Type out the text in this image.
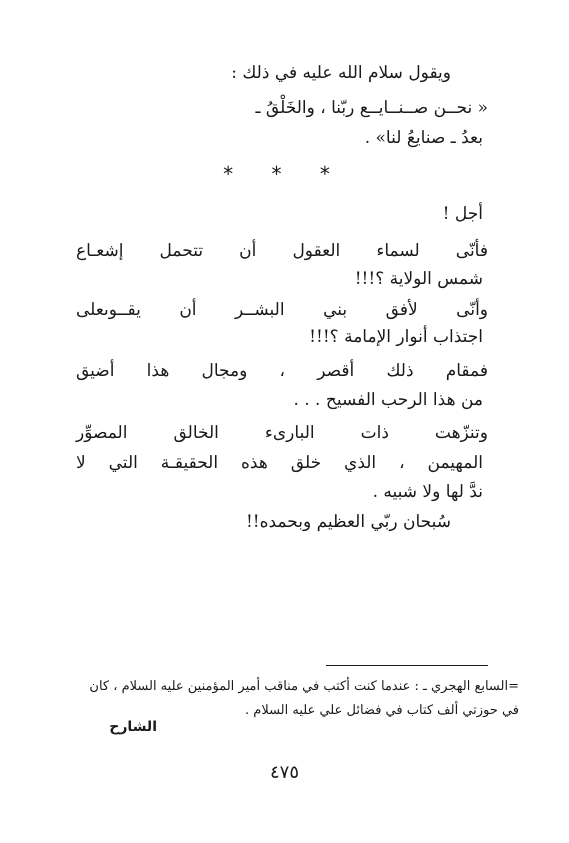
ويقول سلام الله عليه في ذلك :
« نحــن صــنــايــع ربّنا ، والخَلْقُ ـ
بعدُ ـ صنايعُ لنا» .
* * *
أجل !
فأنّى لسماء العقول أن تتحمل إشعـاع
شمس الولاية ؟!!!
وأنّى لأفق بني البشــر أن يقــوىعلى
اجتذاب أنوار الإمامة ؟!!!
فمقام ذلك أقصر ، ومجال هذا أضيق
من هذا الرحب الفسيح . . .
وتنزّهت ذات البارىء الخالق المصوِّر
المهيمن ، الذي خلق هذه الحقيقـة التي لا
ندَّ لها ولا شبيه .
سُبحان ربّي العظيم وبحمده!!
=السابع الهجري ـ : عندما كنت أكتب في مناقب أمير المؤمنين عليه السلام ، كان
في حوزتي ألف كتاب في فضائل علي عليه السلام .
الشارح
٤٧٥
